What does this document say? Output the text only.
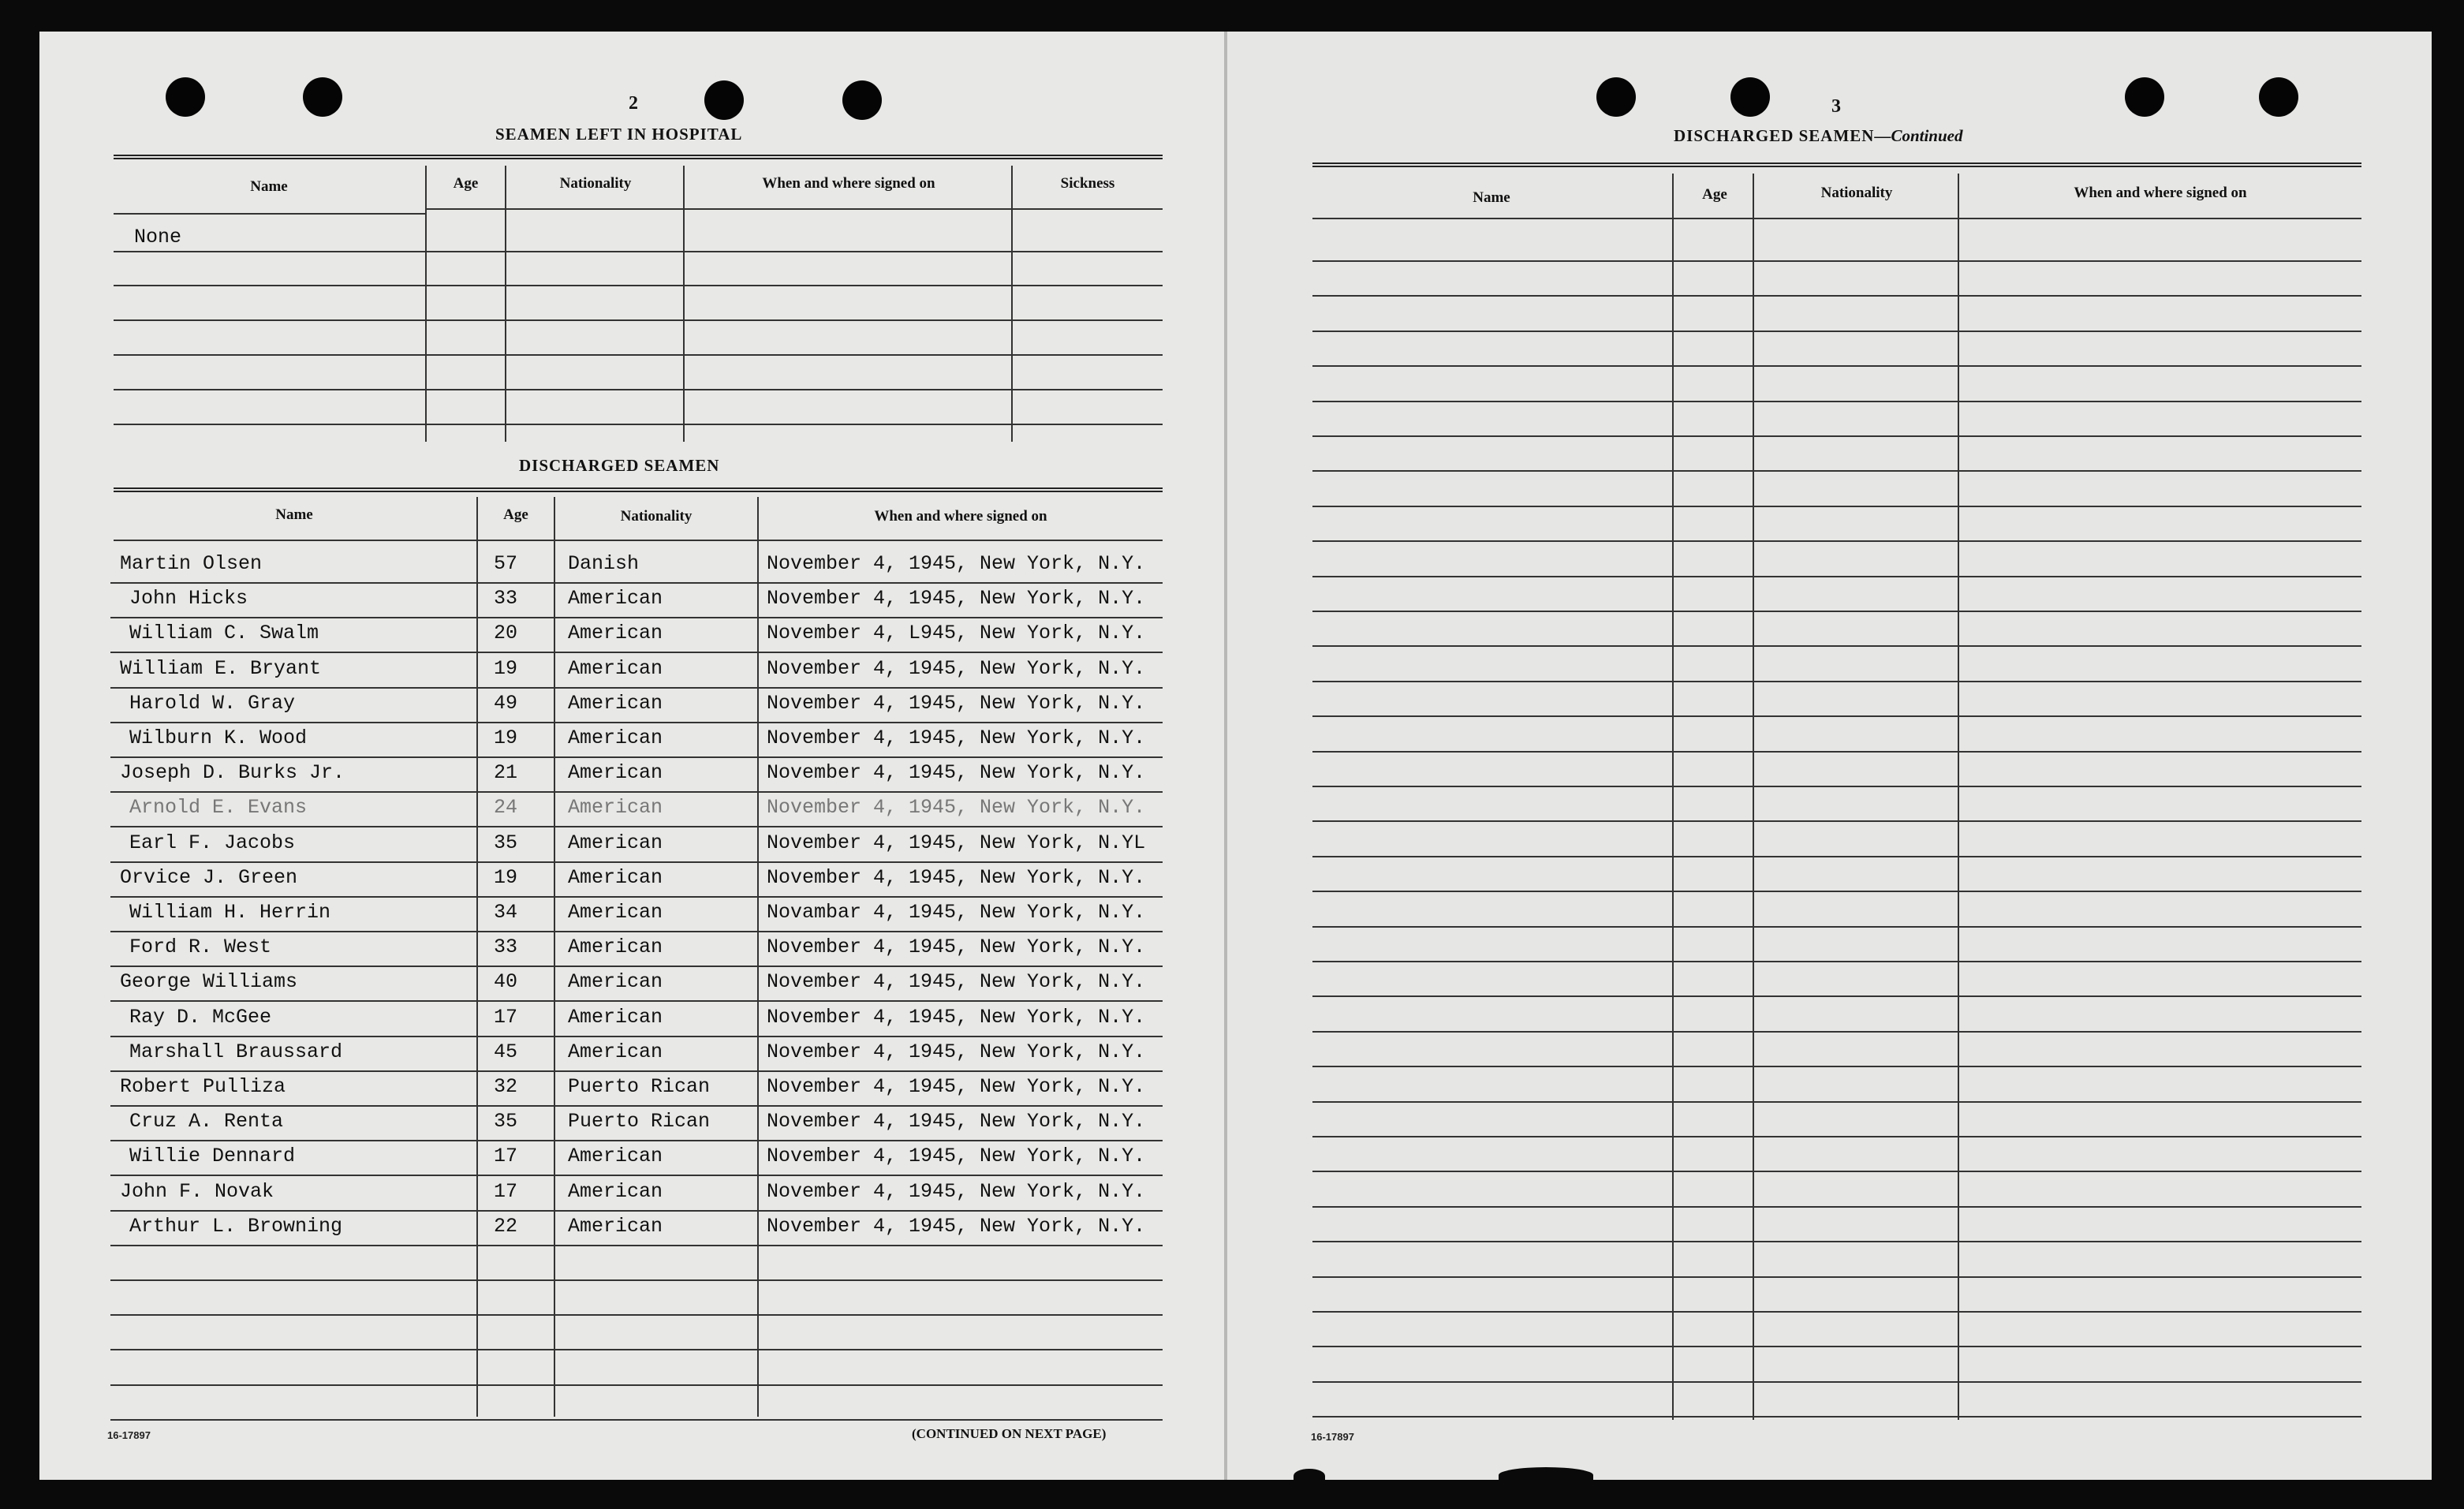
2
SEAMEN LEFT IN HOSPITAL
Name	Age	Nationality	When and where signed on	Sickness
None
DISCHARGED SEAMEN
Name	Age	Nationality	When and where signed on
Martin Olsen	57	Danish	November 4, 1945, New York, N.Y.
John Hicks	33	American	November 4, 1945, New York, N.Y.
William C. Swalm	20	American	November 4, L945, New York, N.Y.
William E. Bryant	19	American	November 4, 1945, New York, N.Y.
Harold W. Gray	49	American	November 4, 1945, New York, N.Y.
Wilburn K. Wood	19	American	November 4, 1945, New York, N.Y.
Joseph D. Burks Jr.	21	American	November 4, 1945, New York, N.Y.
Arnold E. Evans	24	American	November 4, 1945, New York, N.Y.
Earl F. Jacobs	35	American	November 4, 1945, New York, N.YL
Orvice J. Green	19	American	November 4, 1945, New York, N.Y.
William H. Herrin	34	American	Novambar 4, 1945, New York, N.Y.
Ford R. West	33	American	November 4, 1945, New York, N.Y.
George Williams	40	American	November 4, 1945, New York, N.Y.
Ray D. McGee	17	American	November 4, 1945, New York, N.Y.
Marshall Braussard	45	American	November 4, 1945, New York, N.Y.
Robert Pulliza	32	Puerto Rican	November 4, 1945, New York, N.Y.
Cruz A. Renta	35	Puerto Rican	November 4, 1945, New York, N.Y.
Willie Dennard	17	American	November 4, 1945, New York, N.Y.
John F. Novak	17	American	November 4, 1945, New York, N.Y.
Arthur L. Browning	22	American	November 4, 1945, New York, N.Y.
16-17897	(CONTINUED ON NEXT PAGE)
3
DISCHARGED SEAMEN—Continued
Name	Age	Nationality	When and where signed on
16-17897
